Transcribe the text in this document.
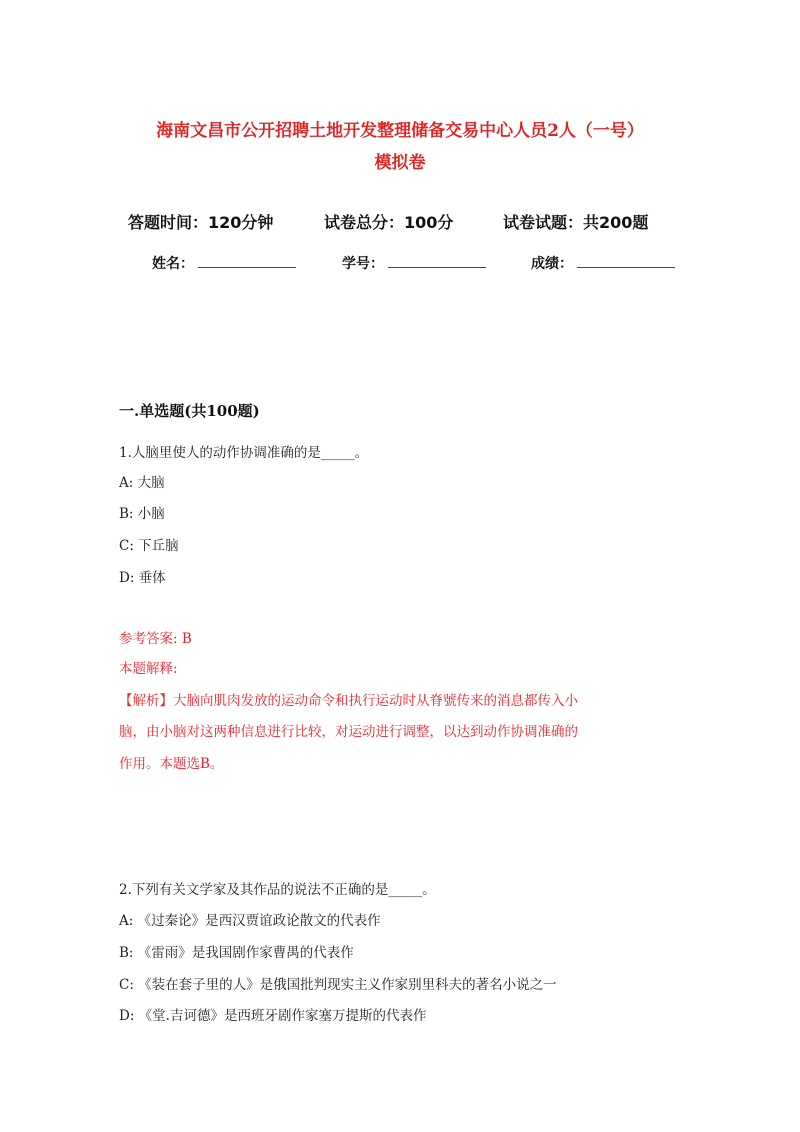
海南文昌市公开招聘土地开发整理储备交易中心人员2人（一号）
模拟卷
答题时间：120分钟	试卷总分：100分	试卷试题：共200题
姓名：	学号：	成绩：
一.单选题(共100题)
1.人脑里使人的动作协调准确的是_____。
A: 大脑
B: 小脑
C: 下丘脑
D: 垂体
参考答案: B
本题解释:
【解析】大脑向肌肉发放的运动命令和执行运动时从脊號传来的消息都传入小
脑，由小脑对这两种信息进行比较，对运动进行调整，以达到动作协调准确的
作用。本题选B。
2.下列有关文学家及其作品的说法不正确的是_____。
A: 《过秦论》是西汉贾谊政论散文的代表作
B: 《雷雨》是我国剧作家曹禺的代表作
C: 《装在套子里的人》是俄国批判现实主义作家别里科夫的著名小说之一
D: 《堂.吉诃德》是西班牙剧作家塞万提斯的代表作
